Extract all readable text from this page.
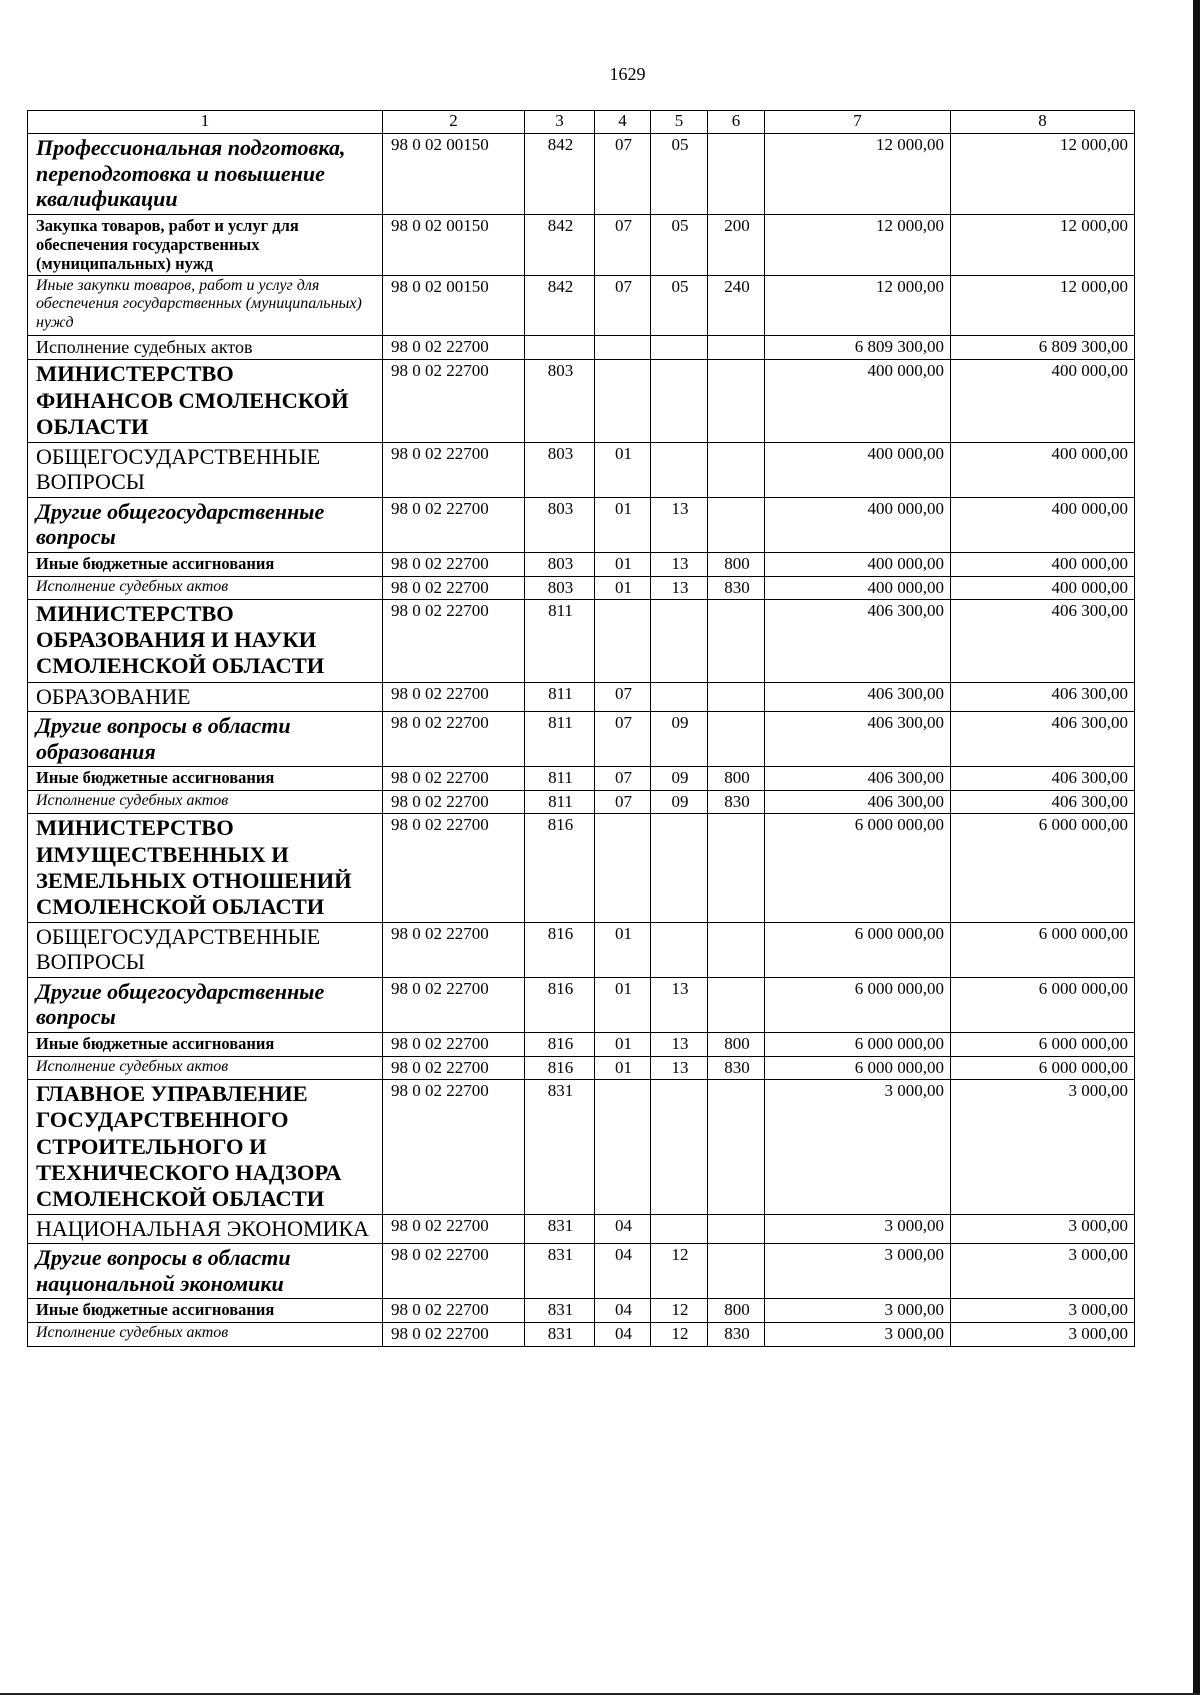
1629
1	2	3	4	5	6	7	8
Профессиональная подготовка, переподготовка и повышение квалификации	98 0 02 00150	842	07	05		12 000,00	12 000,00
Закупка товаров, работ и услуг для обеспечения государственных (муниципальных) нужд	98 0 02 00150	842	07	05	200	12 000,00	12 000,00
Иные закупки товаров, работ и услуг для обеспечения государственных (муниципальных) нужд	98 0 02 00150	842	07	05	240	12 000,00	12 000,00
Исполнение судебных актов	98 0 02 22700					6 809 300,00	6 809 300,00
МИНИСТЕРСТВО ФИНАНСОВ СМОЛЕНСКОЙ ОБЛАСТИ	98 0 02 22700	803				400 000,00	400 000,00
ОБЩЕГОСУДАРСТВЕННЫЕ ВОПРОСЫ	98 0 02 22700	803	01			400 000,00	400 000,00
Другие общегосударственные вопросы	98 0 02 22700	803	01	13		400 000,00	400 000,00
Иные бюджетные ассигнования	98 0 02 22700	803	01	13	800	400 000,00	400 000,00
Исполнение судебных актов	98 0 02 22700	803	01	13	830	400 000,00	400 000,00
МИНИСТЕРСТВО ОБРАЗОВАНИЯ И НАУКИ СМОЛЕНСКОЙ ОБЛАСТИ	98 0 02 22700	811				406 300,00	406 300,00
ОБРАЗОВАНИЕ	98 0 02 22700	811	07			406 300,00	406 300,00
Другие вопросы в области образования	98 0 02 22700	811	07	09		406 300,00	406 300,00
Иные бюджетные ассигнования	98 0 02 22700	811	07	09	800	406 300,00	406 300,00
Исполнение судебных актов	98 0 02 22700	811	07	09	830	406 300,00	406 300,00
МИНИСТЕРСТВО ИМУЩЕСТВЕННЫХ И ЗЕМЕЛЬНЫХ ОТНОШЕНИЙ СМОЛЕНСКОЙ ОБЛАСТИ	98 0 02 22700	816				6 000 000,00	6 000 000,00
ОБЩЕГОСУДАРСТВЕННЫЕ ВОПРОСЫ	98 0 02 22700	816	01			6 000 000,00	6 000 000,00
Другие общегосударственные вопросы	98 0 02 22700	816	01	13		6 000 000,00	6 000 000,00
Иные бюджетные ассигнования	98 0 02 22700	816	01	13	800	6 000 000,00	6 000 000,00
Исполнение судебных актов	98 0 02 22700	816	01	13	830	6 000 000,00	6 000 000,00
ГЛАВНОЕ УПРАВЛЕНИЕ ГОСУДАРСТВЕННОГО СТРОИТЕЛЬНОГО И ТЕХНИЧЕСКОГО НАДЗОРА СМОЛЕНСКОЙ ОБЛАСТИ	98 0 02 22700	831				3 000,00	3 000,00
НАЦИОНАЛЬНАЯ ЭКОНОМИКА	98 0 02 22700	831	04			3 000,00	3 000,00
Другие вопросы в области национальной экономики	98 0 02 22700	831	04	12		3 000,00	3 000,00
Иные бюджетные ассигнования	98 0 02 22700	831	04	12	800	3 000,00	3 000,00
Исполнение судебных актов	98 0 02 22700	831	04	12	830	3 000,00	3 000,00
